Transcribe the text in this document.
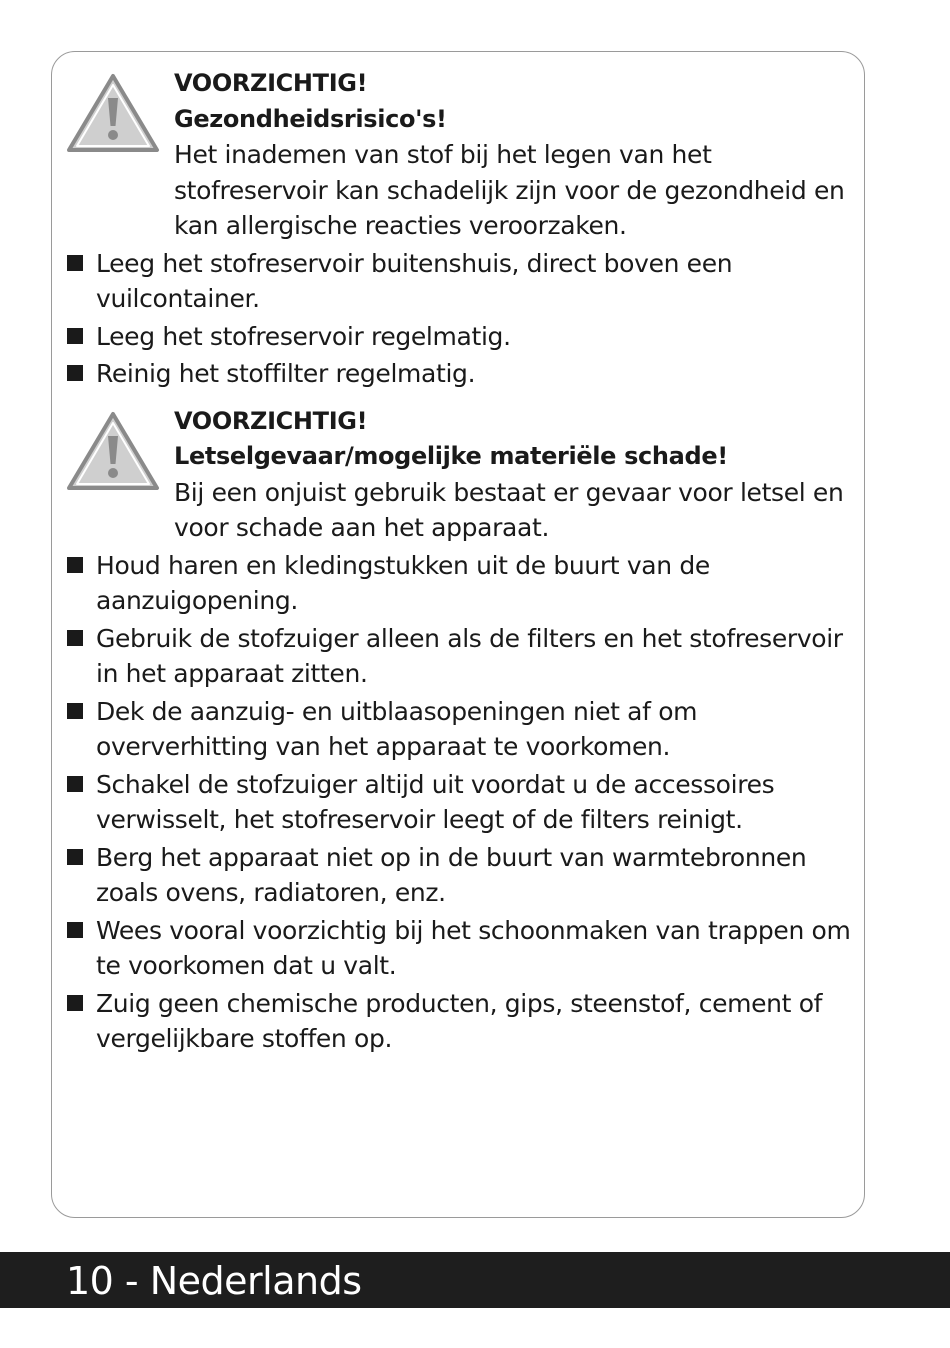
VOORZICHTIG!
Gezondheidsrisico's!

Het inademen van stof bij het legen van het stofreservoir kan schadelijk zijn voor de gezondheid en kan allergische reacties veroorzaken.

Leeg het stofreservoir buitenshuis, direct boven een vuilcontainer.
Leeg het stofreservoir regelmatig.
Reinig het stoffilter regelmatig.
VOORZICHTIG!
Letselgevaar/mogelijke materiële schade!

Bij een onjuist gebruik bestaat er gevaar voor letsel en voor schade aan het apparaat.

Houd haren en kledingstukken uit de buurt van de aanzuigopening.
Gebruik de stofzuiger alleen als de filters en het stofreservoir in het apparaat zitten.
Dek de aanzuig- en uitblaasopeningen niet af om oververhitting van het apparaat te voorkomen.
Schakel de stofzuiger altijd uit voordat u de accessoires verwisselt, het stofreservoir leegt of de filters reinigt.
Berg het apparaat niet op in de buurt van warmtebronnen zoals ovens, radiatoren, enz.
Wees vooral voorzichtig bij het schoonmaken van trappen om te voorkomen dat u valt.
Zuig geen chemische producten, gips, steenstof, cement of vergelijkbare stoffen op.
10 - Nederlands
